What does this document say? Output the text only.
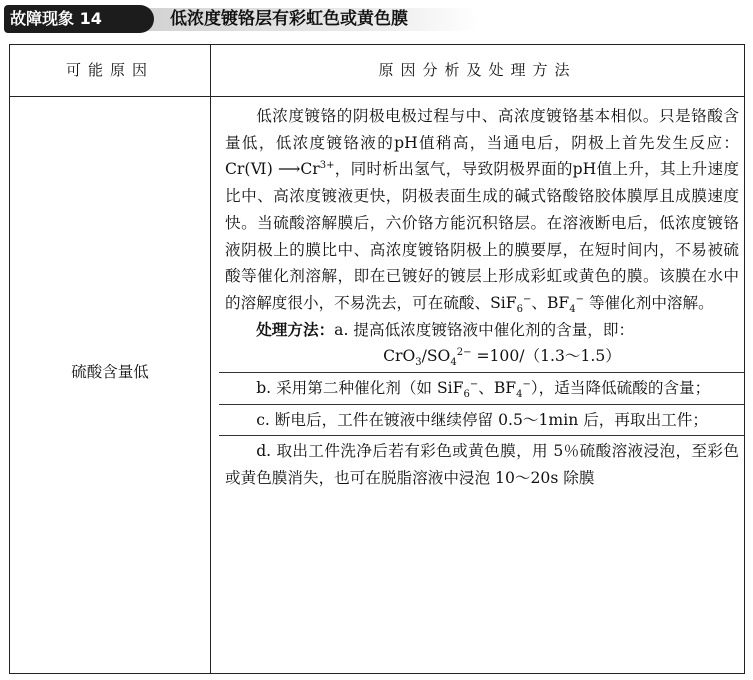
故障现象 14	低浓度镀铬层有彩虹色或黄色膜
可能原因	原因分析及处理方法
硫酸含量低

低浓度镀铬的阴极电极过程与中、高浓度镀铬基本相似。只是铬酸含量低，低浓度镀铬液的pH值稍高，当通电后，阴极上首先发生反应：Cr(Ⅵ) $⟶Cr^{3+}$，同时析出氢气，导致阴极界面的pH值上升，其上升速度比中、高浓度镀液更快，阴极表面生成的碱式铬酸铬胶体膜厚且成膜速度快。当硫酸溶解膜后，六价铬方能沉积铬层。在溶液断电后，低浓度镀铬液阴极上的膜比中、高浓度镀铬阴极上的膜要厚，在短时间内，不易被硫酸等催化剂溶解，即在已镀好的镀层上形成彩虹或黄色的膜。该膜在水中的溶解度很小，不易洗去，可在硫酸、SiF$_6$−、$BF_4^-$ 等催化剂中溶解。

处理方法：a. 提高低浓度镀铬液中催化剂的含量，即：

$CrO_3/SO_4^{2-}$ =100/（1.3～1.5）

b. 采用第二种催化剂（如 SiF$_6$−、$BF_4^-$），适当降低硫酸的含量；

c. 断电后，工件在镀液中继续停留 0.5～1min 后，再取出工件；

d. 取出工件洗净后若有彩色或黄色膜，用 5％硫酸溶液浸泡，至彩色或黄色膜消失，也可在脱脂溶液中浸泡 10～20s 除膜
